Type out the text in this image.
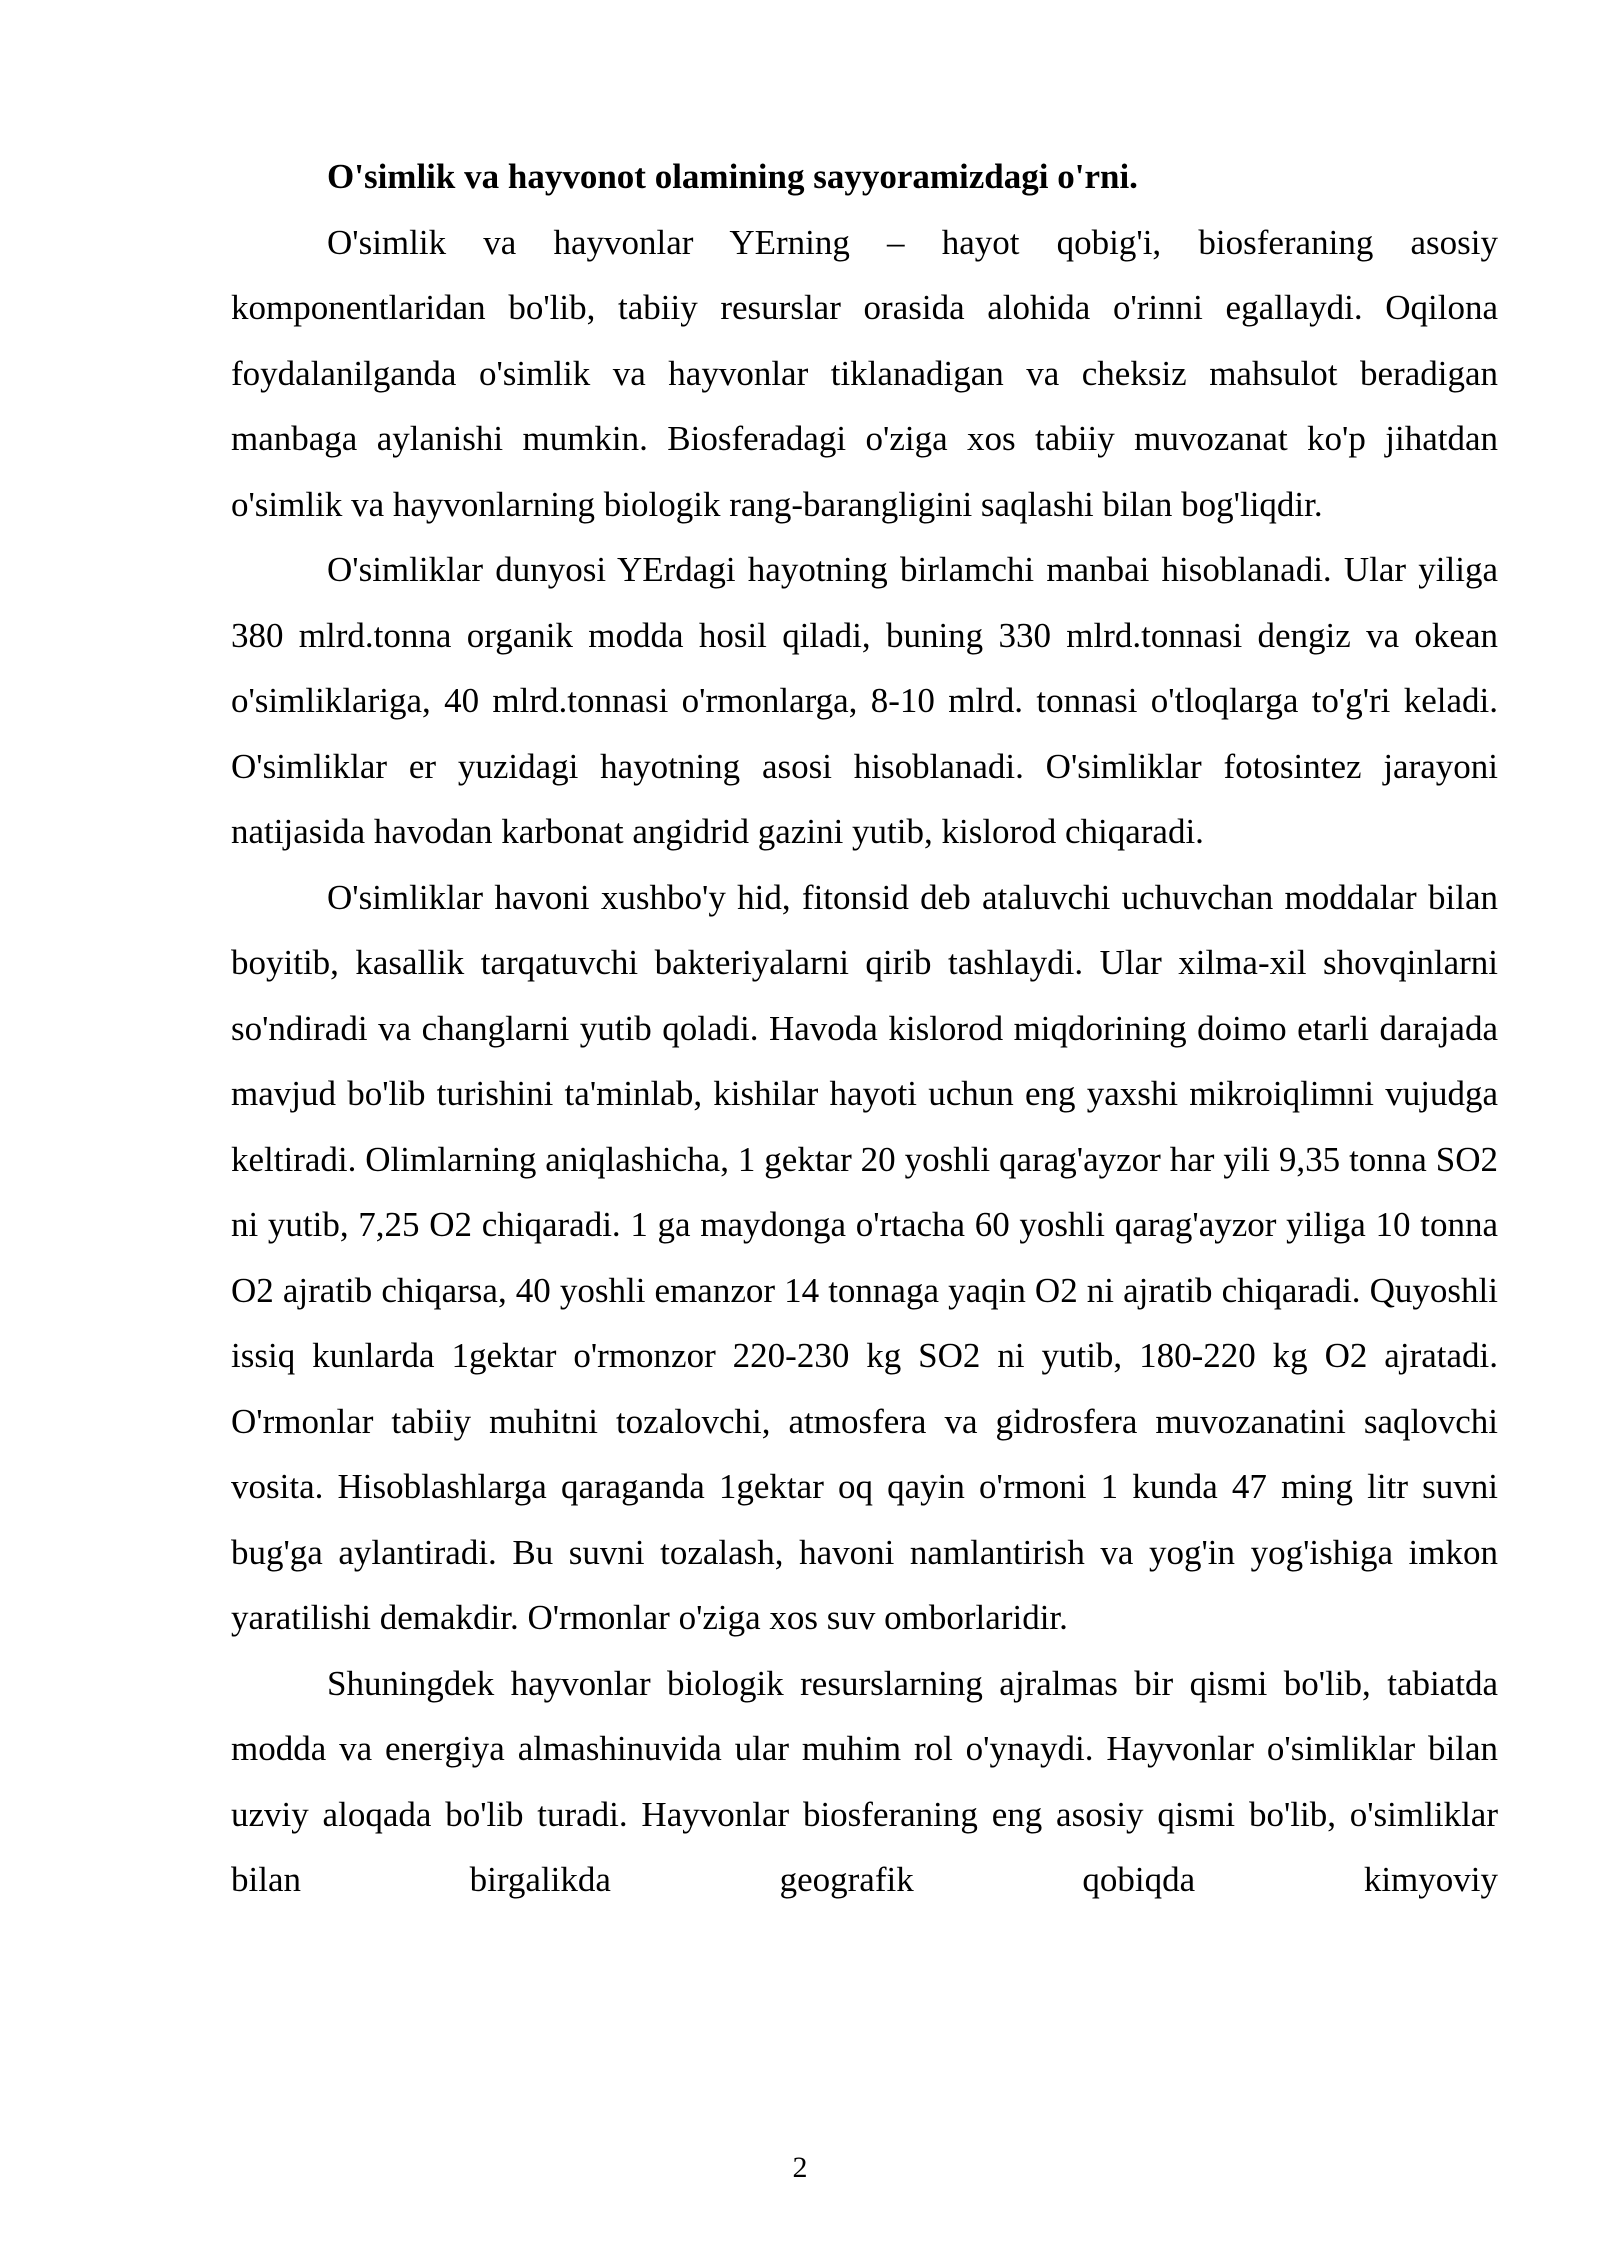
O'simlik va hayvonot olamining sayyoramizdagi o'rni.

O'simlik va hayvonlar YErning – hayot qobig'i, biosferaning asosiy komponentlaridan bo'lib, tabiiy resurslar orasida alohida o'rinni egallaydi. Oqilona foydalanilganda o'simlik va hayvonlar tiklanadigan va cheksiz mahsulot beradigan manbaga aylanishi mumkin. Biosferadagi o'ziga xos tabiiy muvozanat ko'p jihatdan o'simlik va hayvonlarning biologik rang-barangligini saqlashi bilan bog'liqdir.

O'simliklar dunyosi YErdagi hayotning birlamchi manbai hisoblanadi. Ular yiliga 380 mlrd.tonna organik modda hosil qiladi, buning 330 mlrd.tonnasi dengiz va okean o'simliklariga, 40 mlrd.tonnasi o'rmonlarga, 8-10 mlrd. tonnasi o'tloqlarga to'g'ri keladi. O'simliklar er yuzidagi hayotning asosi hisoblanadi. O'simliklar fotosintez jarayoni natijasida havodan karbonat angidrid gazini yutib, kislorod chiqaradi.

O'simliklar havoni xushbo'y hid, fitonsid deb ataluvchi uchuvchan moddalar bilan boyitib, kasallik tarqatuvchi bakteriyalarni qirib tashlaydi. Ular xilma-xil shovqinlarni so'ndiradi va changlarni yutib qoladi. Havoda kislorod miqdorining doimo etarli darajada mavjud bo'lib turishini ta'minlab, kishilar hayoti uchun eng yaxshi mikroiqlimni vujudga keltiradi. Olimlarning aniqlashicha, 1 gektar 20 yoshli qarag'ayzor har yili 9,35 tonna SO2 ni yutib, 7,25 O2 chiqaradi. 1 ga maydonga o'rtacha 60 yoshli qarag'ayzor yiliga 10 tonna O2 ajratib chiqarsa, 40 yoshli emanzor 14 tonnaga yaqin O2 ni ajratib chiqaradi. Quyoshli issiq kunlarda 1gektar o'rmonzor 220-230 kg SO2 ni yutib, 180-220 kg O2 ajratadi. O'rmonlar tabiiy muhitni tozalovchi, atmosfera va gidrosfera muvozanatini saqlovchi vosita. Hisoblashlarga qaraganda 1gektar oq qayin o'rmoni 1 kunda 47 ming litr suvni bug'ga aylantiradi. Bu suvni tozalash, havoni namlantirish va yog'in yog'ishiga imkon yaratilishi demakdir. O'rmonlar o'ziga xos suv omborlaridir.

Shuningdek hayvonlar biologik resurslarning ajralmas bir qismi bo'lib, tabiatda modda va energiya almashinuvida ular muhim rol o'ynaydi. Hayvonlar o'simliklar bilan uzviy aloqada bo'lib turadi. Hayvonlar biosferaning eng asosiy qismi bo'lib, o'simliklar bilan birgalikda geografik qobiqda kimyoviy

2
